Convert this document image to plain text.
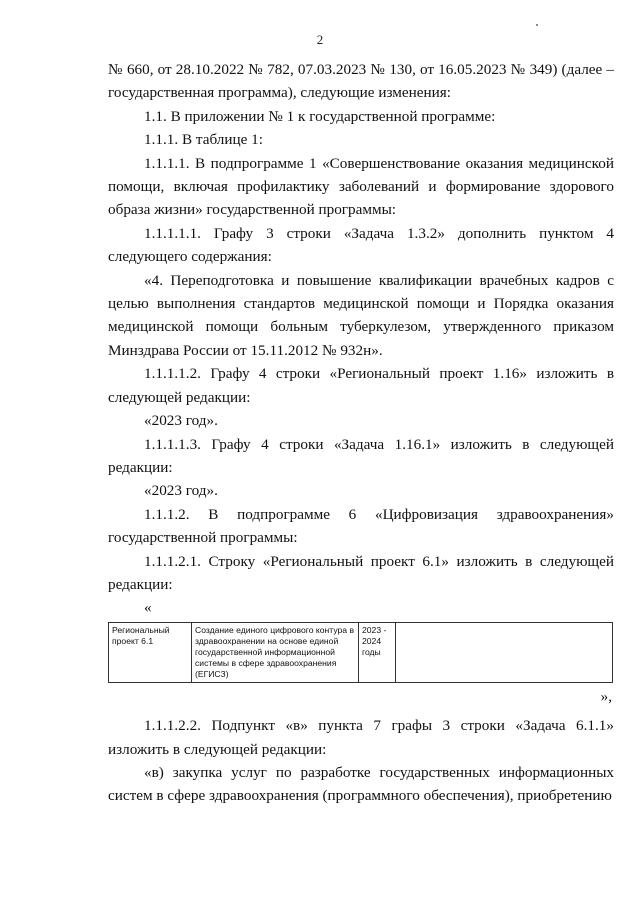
2

№ 660, от 28.10.2022 № 782, 07.03.2023 № 130, от 16.05.2023 № 349) (далее –

государственная программа), следующие изменения:

1.1. В приложении № 1 к государственной программе:

1.1.1. В таблице 1:

1.1.1.1. В подпрограмме 1 «Совершенствование оказания медицинской помощи, включая профилактику заболеваний и формирование здорового образа жизни» государственной программы:

1.1.1.1.1. Графу 3 строки «Задача 1.3.2» дополнить пунктом 4 следующего содержания:

«4. Переподготовка и повышение квалификации врачебных кадров с целью выполнения стандартов медицинской помощи и Порядка оказания медицинской помощи больным туберкулезом, утвержденного приказом Минздрава России от 15.11.2012 № 932н».

1.1.1.1.2. Графу 4 строки «Региональный проект 1.16» изложить в следующей редакции:

«2023 год».

1.1.1.1.3. Графу 4 строки «Задача 1.16.1» изложить в следующей редакции:

«2023 год».

1.1.1.2. В подпрограмме 6 «Цифровизация здравоохранения» государственной программы:

1.1.1.2.1. Строку «Региональный проект 6.1» изложить в следующей редакции:

«

Региональный проект 6.1	Создание единого цифрового контура в здравоохранении на основе единой государственной информационной системы в сфере здравоохранения (ЕГИСЗ)	2023 - 2024 годы	

»,

1.1.1.2.2. Подпункт «в» пункта 7 графы 3 строки «Задача 6.1.1» изложить в следующей редакции:

«в) закупка услуг по разработке государственных информационных систем в сфере здравоохранения (программного обеспечения), приобретению
